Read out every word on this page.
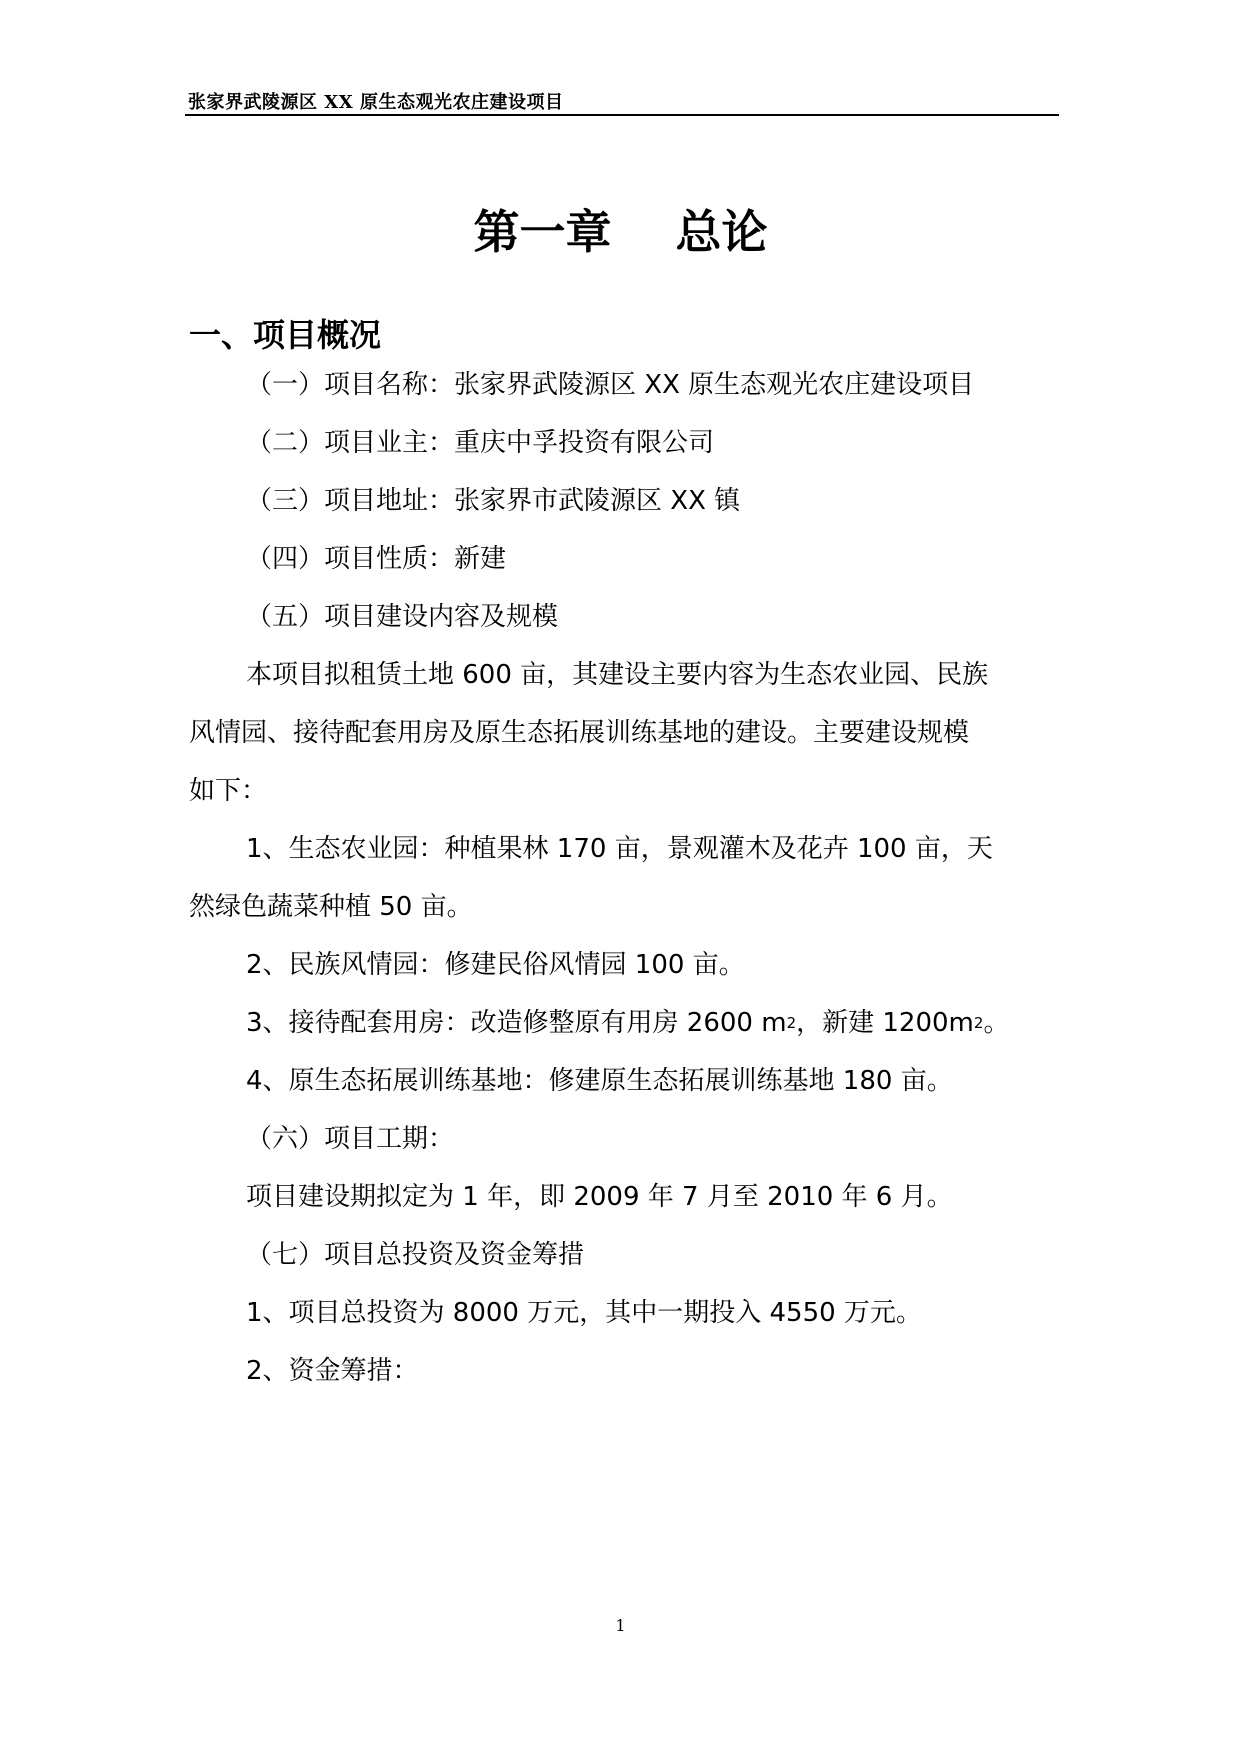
张家界武陵源区 XX 原生态观光农庄建设项目
第一章    总论
一、项目概况
（一）项目名称：张家界武陵源区 XX 原生态观光农庄建设项目
（二）项目业主：重庆中孚投资有限公司
（三）项目地址：张家界市武陵源区 XX 镇
（四）项目性质：新建
（五）项目建设内容及规模
本项目拟租赁土地 600 亩，其建设主要内容为生态农业园、民族
风情园、接待配套用房及原生态拓展训练基地的建设。主要建设规模
如下：
1、生态农业园：种植果林 170 亩，景观灌木及花卉 100 亩，天
然绿色蔬菜种植 50 亩。
2、民族风情园：修建民俗风情园 100 亩。
3、接待配套用房：改造修整原有用房 2600 $m^2$，新建 $1200m^2$。
4、原生态拓展训练基地：修建原生态拓展训练基地 180 亩。
（六）项目工期：
项目建设期拟定为 1 年，即 2009 年 7 月至 2010 年 6 月。
（七）项目总投资及资金筹措
1、项目总投资为 8000 万元，其中一期投入 4550 万元。
2、资金筹措：
1
